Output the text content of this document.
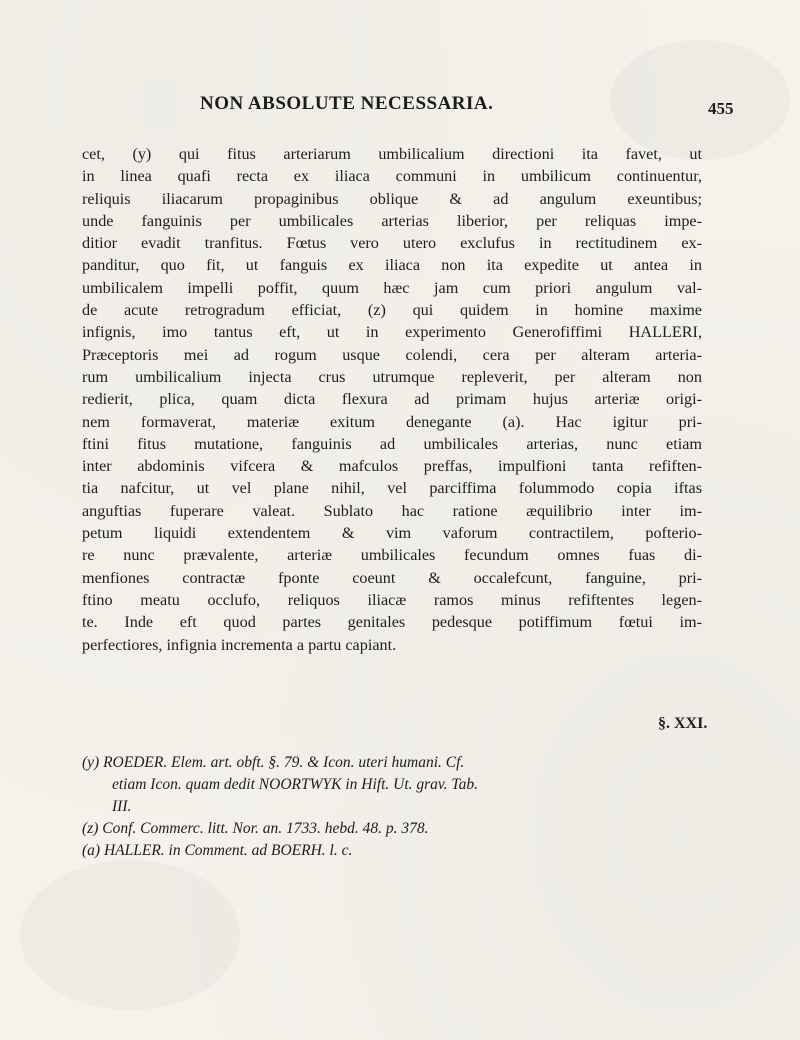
NON ABSOLUTE NECESSARIA.	455
cet, (y) qui fitus arteriarum umbilicalium directioni ita favet, ut
in linea quafi recta ex iliaca communi in umbilicum continuentur,
reliquis iliacarum propaginibus oblique & ad angulum exeuntibus;
unde fanguinis per umbilicales arterias liberior, per reliquas impe-
ditior evadit tranfitus. Fœtus vero utero exclufus in rectitudinem ex-
panditur, quo fit, ut fanguis ex iliaca non ita expedite ut antea in
umbilicalem impelli poffit, quum hæc jam cum priori angulum val-
de acute retrogradum efficiat, (z) qui quidem in homine maxime
infignis, imo tantus eft, ut in experimento Generofiffimi HALLERI,
Præceptoris mei ad rogum usque colendi, cera per alteram arteria-
rum umbilicalium injecta crus utrumque repleverit, per alteram non
redierit, plica, quam dicta flexura ad primam hujus arteriæ origi-
nem formaverat, materiæ exitum denegante (a). Hac igitur pri-
ftini fitus mutatione, fanguinis ad umbilicales arterias, nunc etiam
inter abdominis vifcera & mafculos preffas, impulfioni tanta refiften-
tia nafcitur, ut vel plane nihil, vel parciffima folummodo copia iftas
anguftias fuperare valeat. Sublato hac ratione æquilibrio inter im-
petum liquidi extendentem & vim vaforum contractilem, pofterio-
re nunc prævalente, arteriæ umbilicales fecundum omnes fuas di-
menfiones contractæ fponte coeunt & occalefcunt, fanguine, pri-
ftino meatu occlufo, reliquos iliacæ ramos minus refiftentes legen-
te. Inde eft quod partes genitales pedesque potiffimum fœtui im-
perfectiores, infignia incrementa a partu capiant.
§. XXI.
(y) ROEDER. Elem. art. obft. §. 79. & Icon. uteri humani. Cf.
etiam Icon. quam dedit NOORTWYK in Hift. Ut. grav. Tab.
III.
(z) Conf. Commerc. litt. Nor. an. 1733. hebd. 48. p. 378.
(a) HALLER. in Comment. ad BOERH. l. c.
